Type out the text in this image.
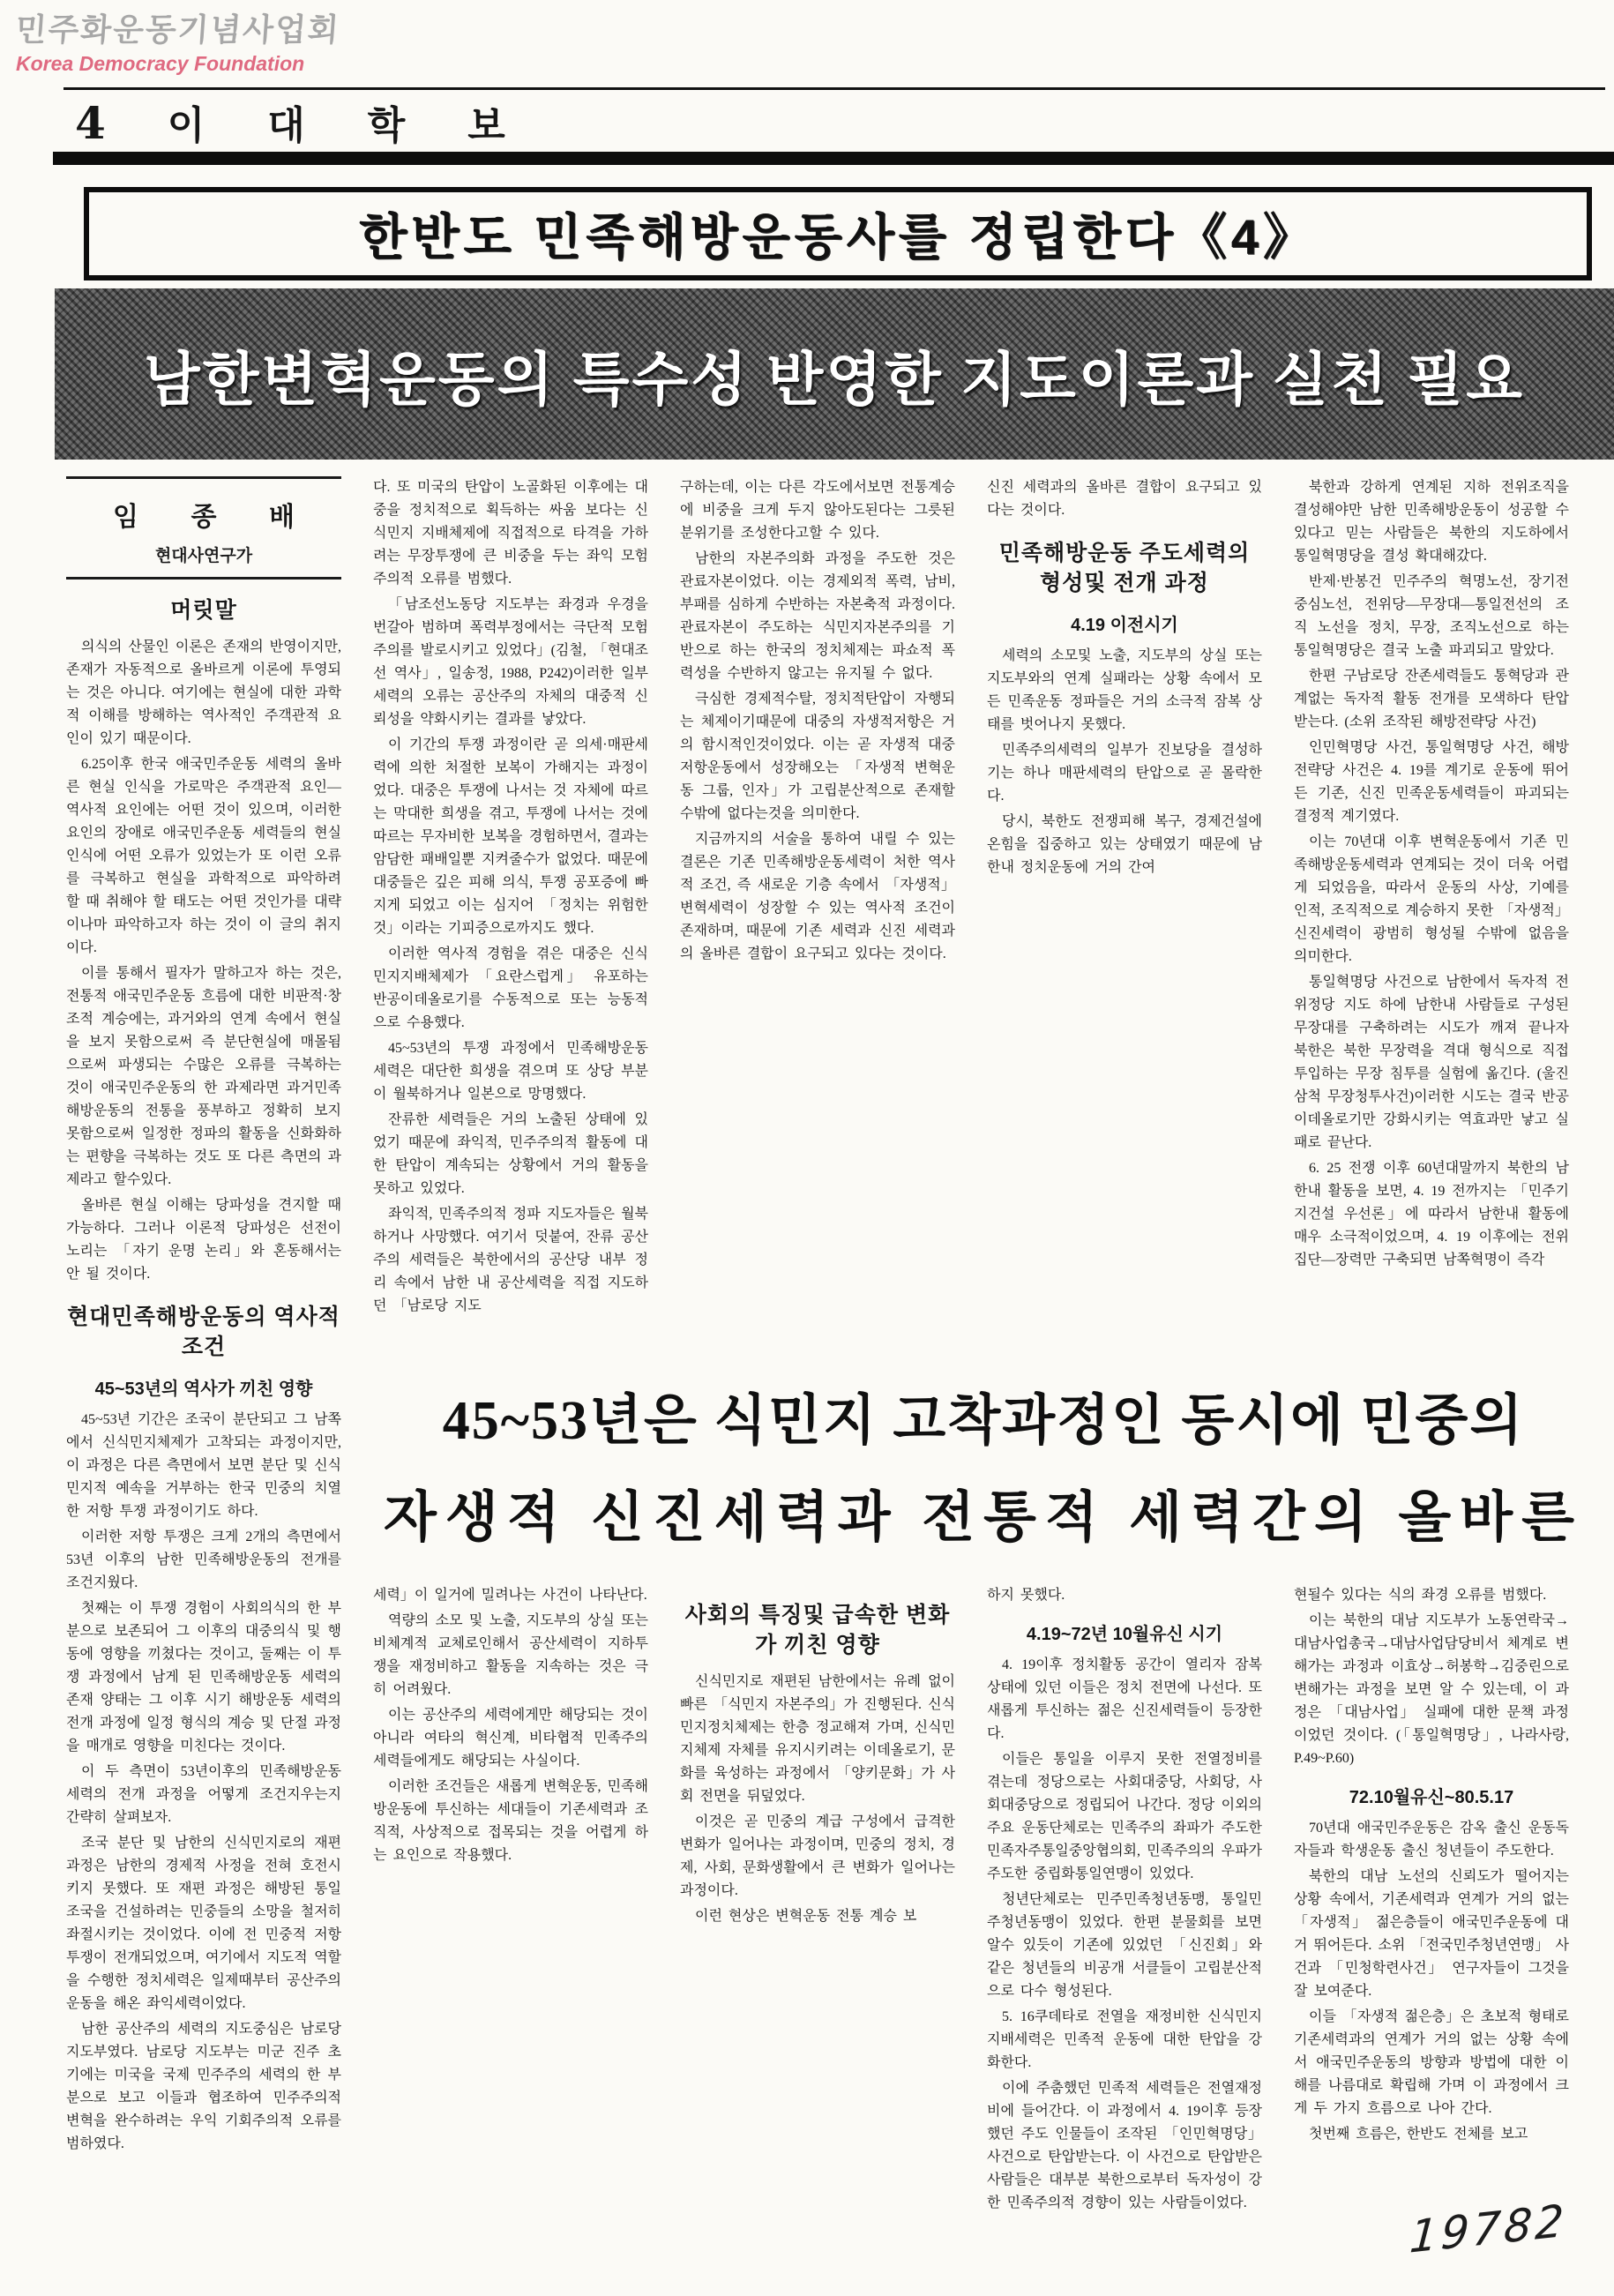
민주화운동기념사업회
Korea Democracy Foundation
4 이 대 학 보
한반도 민족해방운동사를 정립한다《4》
남한변혁운동의 특수성 반영한 지도이론과 실천 필요
임 종 배
현대사연구가
머릿말
의식의 산물인 이론은 존재의 반영이지만, 존재가 자동적으로 올바르게 이론에 투영되는 것은 아니다. 여기에는 현실에 대한 과학적 이해를 방해하는 역사적인 주객관적 요인이 있기 때문이다.
6.25이후 한국 애국민주운동 세력의 올바른 현실 인식을 가로막은 주객관적 요인—역사적 요인에는 어떤 것이 있으며, 이러한 요인의 장애로 애국민주운동 세력들의 현실 인식에 어떤 오류가 있었는가 또 이런 오류를 극복하고 현실을 과학적으로 파악하려 할 때 취해야 할 태도는 어떤 것인가를 대략이나마 파악하고자 하는 것이 이 글의 취지이다.
이를 통해서 필자가 말하고자 하는 것은, 전통적 애국민주운동 흐름에 대한 비판적·창조적 계승에는, 과거와의 연계 속에서 현실을 보지 못함으로써 즉 분단현실에 매몰됨으로써 파생되는 수많은 오류를 극복하는 것이 애국민주운동의 한 과제라면 과거민족해방운동의 전통을 풍부하고 정확히 보지 못함으로써 일정한 정파의 활동을 신화화하는 편향을 극복하는 것도 또 다른 측면의 과제라고 할수있다.
올바른 현실 이해는 당파성을 견지할 때 가능하다. 그러나 이론적 당파성은 선전이 노리는 「자기 운명 논리」와 혼동해서는 안 될 것이다.
현대민족해방운동의 역사적 조건
45~53년의 역사가 끼친 영향
45~53년 기간은 조국이 분단되고 그 남쪽에서 신식민지체제가 고착되는 과정이지만, 이 과정은 다른 측면에서 보면 분단 및 신식민지적 예속을 거부하는 한국 민중의 치열한 저항 투쟁 과정이기도 하다.
이러한 저항 투쟁은 크게 2개의 측면에서 53년 이후의 남한 민족해방운동의 전개를 조건지웠다.
첫째는 이 투쟁 경험이 사회의식의 한 부분으로 보존되어 그 이후의 대중의식 및 행동에 영향을 끼쳤다는 것이고, 둘째는 이 투쟁 과정에서 남게 된 민족해방운동 세력의 존재 양태는 그 이후 시기 해방운동 세력의 전개 과정에 일정 형식의 계승 및 단절 과정을 매개로 영향을 미친다는 것이다.
이 두 측면이 53년이후의 민족해방운동 세력의 전개 과정을 어떻게 조건지우는지 간략히 살펴보자.
조국 분단 및 남한의 신식민지로의 재편 과정은 남한의 경제적 사정을 전혀 호전시키지 못했다. 또 재편 과정은 해방된 통일 조국을 건설하려는 민중들의 소망을 철저히 좌절시키는 것이었다. 이에 전 민중적 저항 투쟁이 전개되었으며, 여기에서 지도적 역할을 수행한 정치세력은 일제때부터 공산주의 운동을 해온 좌익세력이었다.
남한 공산주의 세력의 지도중심은 남로당 지도부였다. 남로당 지도부는 미군 진주 초기에는 미국을 국제 민주주의 세력의 한 부분으로 보고 이들과 협조하여 민주주의적 변혁을 완수하려는 우익 기회주의적 오류를 범하였다.
다. 또 미국의 탄압이 노골화된 이후에는 대중을 정치적으로 획득하는 싸움 보다는 신식민지 지배체제에 직접적으로 타격을 가하려는 무장투쟁에 큰 비중을 두는 좌익 모험주의적 오류를 범했다.
「남조선노동당 지도부는 좌경과 우경을 번갈아 범하며 폭력부정에서는 극단적 모험주의를 발로시키고 있었다」(김철, 「현대조선 역사」, 일송정, 1988, P242)이러한 일부 세력의 오류는 공산주의 자체의 대중적 신뢰성을 약화시키는 결과를 낳았다.
이 기간의 투쟁 과정이란 곧 의세·매판세력에 의한 처절한 보복이 가해지는 과정이었다. 대중은 투쟁에 나서는 것 자체에 따르는 막대한 희생을 겪고, 투쟁에 나서는 것에 따르는 무자비한 보복을 경험하면서, 결과는 암담한 패배일뿐 지켜줄수가 없었다. 때문에 대중들은 깊은 피해 의식, 투쟁 공포증에 빠지게 되었고 이는 심지어 「정치는 위험한 것」이라는 기피증으로까지도 했다.
이러한 역사적 경험을 겪은 대중은 신식민지지배체제가 「요란스럽게」 유포하는 반공이데올로기를 수동적으로 또는 능동적으로 수용했다.
45~53년의 투쟁 과정에서 민족해방운동 세력은 대단한 희생을 겪으며 또 상당 부분이 월북하거나 일본으로 망명했다.
잔류한 세력들은 거의 노출된 상태에 있었기 때문에 좌익적, 민주주의적 활동에 대한 탄압이 계속되는 상황에서 거의 활동을 못하고 있었다.
좌익적, 민족주의적 정파 지도자들은 월북하거나 사망했다. 여기서 덧붙여, 잔류 공산주의 세력들은 북한에서의 공산당 내부 정리 속에서 남한 내 공산세력을 직접 지도하던 「남로당 지도
구하는데, 이는 다른 각도에서보면 전통계승에 비중을 크게 두지 않아도된다는 그릇된 분위기를 조성한다고할 수 있다.
남한의 자본주의화 과정을 주도한 것은 관료자본이었다. 이는 경제외적 폭력, 남비, 부패를 심하게 수반하는 자본축적 과정이다. 관료자본이 주도하는 식민지자본주의를 기반으로 하는 한국의 정치체제는 파쇼적 폭력성을 수반하지 않고는 유지될 수 없다.
극심한 경제적수탈, 정치적탄압이 자행되는 체제이기때문에 대중의 자생적저항은 거의 함시적인것이었다. 이는 곧 자생적 대중저항운동에서 성장해오는 「자생적 변혁운동 그룹, 인자」가 고립분산적으로 존재할 수밖에 없다는것을 의미한다.
지금까지의 서술을 통하여 내릴 수 있는 결론은 기존 민족해방운동세력이 처한 역사적 조건, 즉 새로운 기층 속에서 「자생적」 변혁세력이 성장할 수 있는 역사적 조건이 존재하며, 때문에 기존 세력과 신진 세력과의 올바른 결합이 요구되고 있다는 것이다.
신진 세력과의 올바른 결합이 요구되고 있다는 것이다.
민족해방운동 주도세력의 형성및 전개 과정
4.19 이전시기
세력의 소모및 노출, 지도부의 상실 또는 지도부와의 연계 실패라는 상황 속에서 모든 민족운동 정파들은 거의 소극적 잠복 상태를 벗어나지 못했다.
민족주의세력의 일부가 진보당을 결성하기는 하나 매판세력의 탄압으로 곧 몰락한다.
당시, 북한도 전쟁피해 복구, 경제건설에 온힘을 집중하고 있는 상태였기 때문에 남한내 정치운동에 거의 간여
북한과 강하게 연계된 지하 전위조직을 결성해야만 남한 민족해방운동이 성공할 수 있다고 믿는 사람들은 북한의 지도하에서 통일혁명당을 결성 확대해갔다.
반제·반봉건 민주주의 혁명노선, 장기전 중심노선, 전위당—무장대—통일전선의 조직 노선을 정치, 무장, 조직노선으로 하는 통일혁명당은 결국 노출 파괴되고 말았다.
한편 구남로당 잔존세력들도 통혁당과 관계없는 독자적 활동 전개를 모색하다 탄압 받는다. (소위 조작된 해방전략당 사건)
인민혁명당 사건, 통일혁명당 사건, 해방전략당 사건은 4. 19를 계기로 운동에 뛰어든 기존, 신진 민족운동세력들이 파괴되는 결정적 계기였다.
이는 70년대 이후 변혁운동에서 기존 민족해방운동세력과 연계되는 것이 더욱 어렵게 되었음을, 따라서 운동의 사상, 기예를 인적, 조직적으로 계승하지 못한 「자생적」 신진세력이 광범히 형성될 수밖에 없음을 의미한다.
통일혁명당 사건으로 남한에서 독자적 전위정당 지도 하에 남한내 사람들로 구성된 무장대를 구축하려는 시도가 깨져 끝나자 북한은 북한 무장력을 격대 형식으로 직접 투입하는 무장 침투를 실험에 옮긴다. (울진삼척 무장청투사건)이러한 시도는 결국 반공이데올로기만 강화시키는 역효과만 낳고 실패로 끝난다.
6. 25 전쟁 이후 60년대말까지 북한의 남한내 활동을 보면, 4. 19 전까지는 「민주기지건설 우선론」에 따라서 남한내 활동에 매우 소극적이었으며, 4. 19 이후에는 전위집단—장력만 구축되면 남쪽혁명이 즉각
45~53년은 식민지 고착과정인 동시에 민중의
자생적 신진세력과 전통적 세력간의 올바른
세력」이 일거에 밀려나는 사건이 나타난다.
역량의 소모 및 노출, 지도부의 상실 또는 비체계적 교체로인해서 공산세력이 지하투쟁을 재정비하고 활동을 지속하는 것은 극히 어려웠다.
이는 공산주의 세력에게만 해당되는 것이 아니라 여타의 혁신계, 비타협적 민족주의 세력들에게도 해당되는 사실이다.
이러한 조건들은 새롭게 변혁운동, 민족해방운동에 투신하는 세대들이 기존세력과 조직적, 사상적으로 접목되는 것을 어렵게 하는 요인으로 작용했다.
사회의 특징및 급속한 변화가 끼친 영향
신식민지로 재편된 남한에서는 유례 없이 빠른 「식민지 자본주의」가 진행된다. 신식민지정치체제는 한층 정교해져 가며, 신식민지체제 자체를 유지시키려는 이데올로기, 문화를 육성하는 과정에서 「양키문화」가 사회 전면을 뒤덮었다.
이것은 곧 민중의 계급 구성에서 급격한 변화가 일어나는 과정이며, 민중의 정치, 경제, 사회, 문화생활에서 큰 변화가 일어나는 과정이다.
이런 현상은 변혁운동 전통 계승 보
하지 못했다.
4.19~72년 10월유신 시기
4. 19이후 정치활동 공간이 열리자 잠복 상태에 있던 이들은 정치 전면에 나선다. 또 새롭게 투신하는 젊은 신진세력들이 등장한다.
이들은 통일을 이루지 못한 전열정비를 겪는데 정당으로는 사회대중당, 사회당, 사회대중당으로 정립되어 나간다. 정당 이외의 주요 운동단체로는 민족주의 좌파가 주도한 민족자주통일중앙협의회, 민족주의의 우파가 주도한 중립화통일연맹이 있었다.
청년단체로는 민주민족청년동맹, 통일민주청년동맹이 있었다. 한편 분물회를 보면 알수 있듯이 기존에 있었던 「신진회」와 같은 청년들의 비공개 서클들이 고립분산적으로 다수 형성된다.
5. 16쿠데타로 전열을 재정비한 신식민지지배세력은 민족적 운동에 대한 탄압을 강화한다.
이에 주춤했던 민족적 세력들은 전열재정비에 들어간다. 이 과정에서 4. 19이후 등장했던 주도 인물들이 조작된 「인민혁명당」 사건으로 탄압받는다. 이 사건으로 탄압받은 사람들은 대부분 북한으로부터 독자성이 강한 민족주의적 경향이 있는 사람들이었다.
현될수 있다는 식의 좌경 오류를 범했다.
이는 북한의 대남 지도부가 노동연락국→대남사업총국→대남사업담당비서 체계로 변해가는 과정과 이효상→허봉학→김중린으로 변해가는 과정을 보면 알 수 있는데, 이 과정은 「대남사업」 실패에 대한 문책 과정이었던 것이다. (「통일혁명당」, 나라사랑, P.49~P.60)
72.10월유신~80.5.17
70년대 애국민주운동은 감옥 출신 운동독자들과 학생운동 출신 청년들이 주도한다.
북한의 대남 노선의 신뢰도가 떨어지는 상황 속에서, 기존세력과 연계가 거의 없는 「자생적」 젊은층들이 애국민주운동에 대거 뛰어든다. 소위 「전국민주청년연맹」 사건과 「민청학련사건」 연구자들이 그것을 잘 보여준다.
이들 「자생적 젊은층」은 초보적 형태로 기존세력과의 연계가 거의 없는 상황 속에서 애국민주운동의 방향과 방법에 대한 이해를 나름대로 확립해 가며 이 과정에서 크게 두 가지 흐름으로 나아 간다.
첫번째 흐름은, 한반도 전체를 보고
19782
